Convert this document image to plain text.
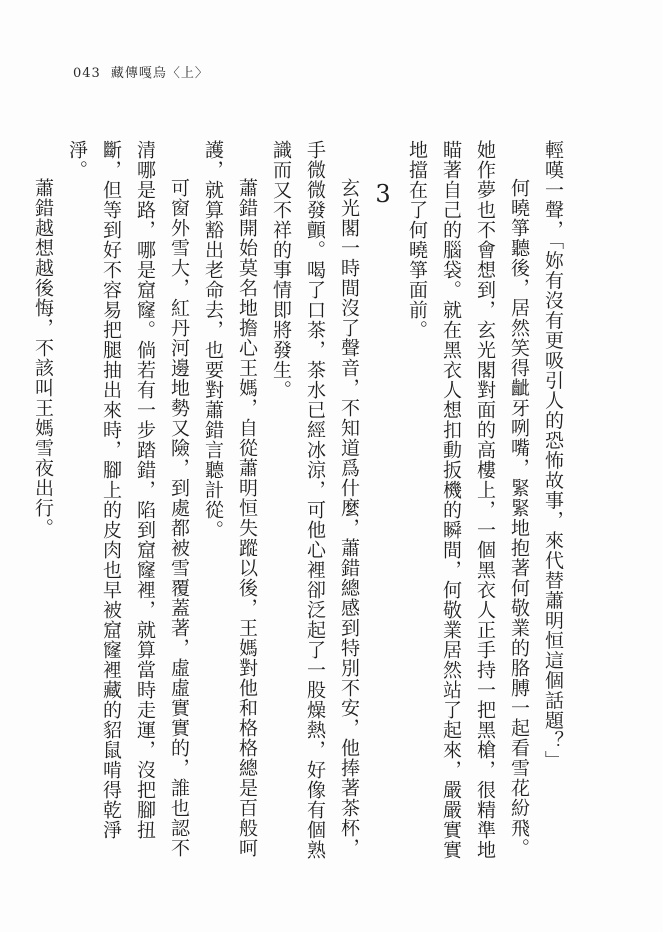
043 藏傳嘎烏〈上〉

輕嘆一聲，「妳有沒有更吸引人的恐怖故事，來代替蕭明恒這個話題？」

何曉箏聽後，居然笑得齜牙咧嘴，緊緊地抱著何敬業的胳膊一起看雪花紛飛。她作夢也不會想到，玄光閣對面的高樓上，一個黑衣人正手持一把黑槍，很精準地瞄著自己的腦袋。就在黑衣人想扣動扳機的瞬間，何敬業居然站了起來，嚴嚴實實地擋在了何曉箏面前。

3

玄光閣一時間沒了聲音，不知道爲什麼，蕭錯總感到特別不安，他捧著茶杯，手微微發顫。喝了口茶，茶水已經冰涼，可他心裡卻泛起了一股燥熱，好像有個熟識而又不祥的事情即將發生。

蕭錯開始莫名地擔心王媽，自從蕭明恒失蹤以後，王媽對他和格格總是百般呵護，就算豁出老命去，也要對蕭錯言聽計從。

可窗外雪大，紅丹河邊地勢又險，到處都被雪覆蓋著，虛虛實實的，誰也認不清哪是路，哪是窟窿。倘若有一步踏錯，陷到窟窿裡，就算當時走運，沒把腳扭斷，但等到好不容易把腿抽出來時，腳上的皮肉也早被窟窿裡藏的貂鼠啃得乾淨淨。

蕭錯越想越後悔，不該叫王媽雪夜出行。
